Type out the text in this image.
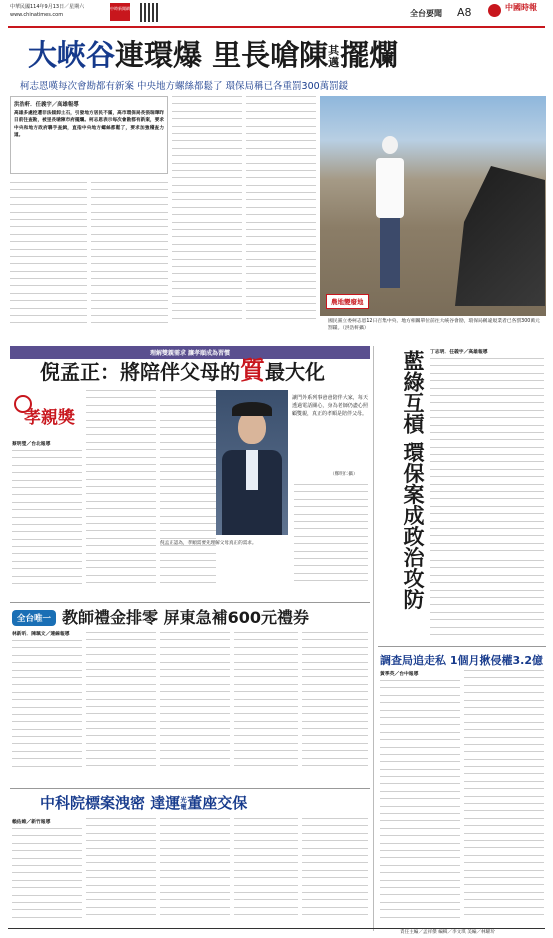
中華民國114年9月13日／星期六
www.chinatimes.com
中時新聞網
全台要聞 A8	中國時報
大峽谷連環爆 里長嗆陳其邁擺爛
柯志恩嘆每次會勘都有新案 中央地方螺絲都鬆了 環保局稱已各重罰300萬罰鍰
洪浩軒．任義宇／高雄報導
高雄多處挖遭非法傾卸土石，引發地方居民不滿，高市環保局長張瑞琿昨日前往查勘，被里長嗆陳市府擺爛。柯志恩表示每次會勘都有新案，要求中央和地方政府聯手查緝，直指中央地方螺絲都鬆了，要求加強稽查力道。
農地變廢地
國民黨立委柯志恩12日召集中央、地方相關單位前往大峽谷會勘，環保局稱違規業者已各罰300萬元罰鍰。（洪浩軒攝）
理解雙親需求 讓孝順成為習慣
倪孟正：將陪伴父母的質最大化
孝親獎
蔡明瑩／台北報導
讓門外系列事爸爸陪伴大家，每天透過電話關心，身為老師仍盡心照顧雙親，真正的孝順是陪伴父母。
（鄭明仁攝）
倪孟正認為，孝順需要先理解父母真正的需求。
全台唯一 教師禮金排零 屏東急補600元禮券
林新昕．陳珮文／連線報導
中科院標案洩密 達運光電董座交保
賴佑維／新竹報導
藍綠互槓 環保案成政治攻防 丁志明．任義宇／高雄報導
調查局追走私 1個月揪侵權3.2億
黃季英／台中報導
責任主編／孟祥傑 編輯／李文琪 美編／林曜玠
